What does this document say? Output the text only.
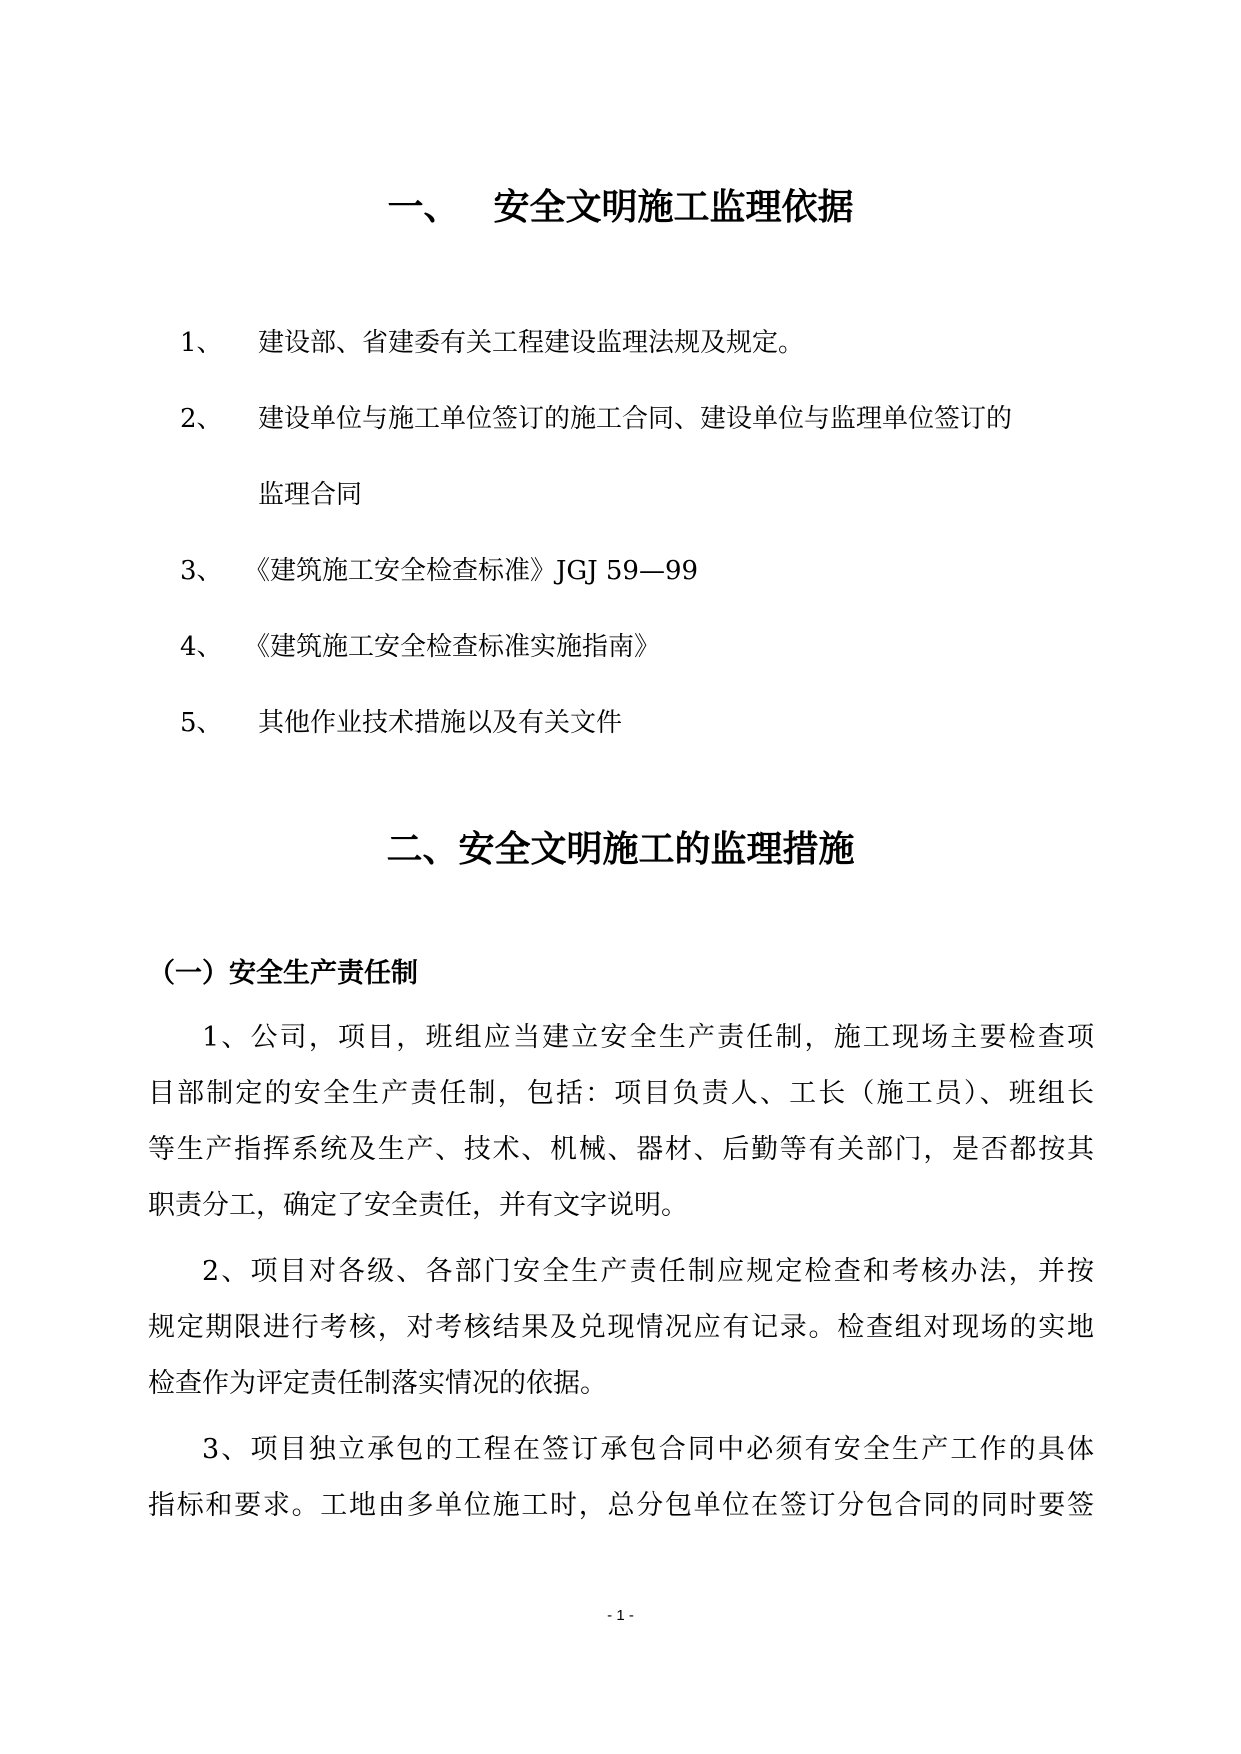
一、 安全文明施工监理依据
1、 建设部、省建委有关工程建设监理法规及规定。
2、 建设单位与施工单位签订的施工合同、建设单位与监理单位签订的
监理合同
3、 《建筑施工安全检查标准》JGJ 59—99
4、 《建筑施工安全检查标准实施指南》
5、 其他作业技术措施以及有关文件
二、安全文明施工的监理措施
（一）安全生产责任制
1、公司，项目，班组应当建立安全生产责任制，施工现场主要检查项
目部制定的安全生产责任制，包括：项目负责人、工长（施工员）、班组长
等生产指挥系统及生产、技术、机械、器材、后勤等有关部门，是否都按其
职责分工，确定了安全责任，并有文字说明。
2、项目对各级、各部门安全生产责任制应规定检查和考核办法，并按
规定期限进行考核，对考核结果及兑现情况应有记录。检查组对现场的实地
检查作为评定责任制落实情况的依据。
3、项目独立承包的工程在签订承包合同中必须有安全生产工作的具体
指标和要求。工地由多单位施工时，总分包单位在签订分包合同的同时要签
- 1 -
